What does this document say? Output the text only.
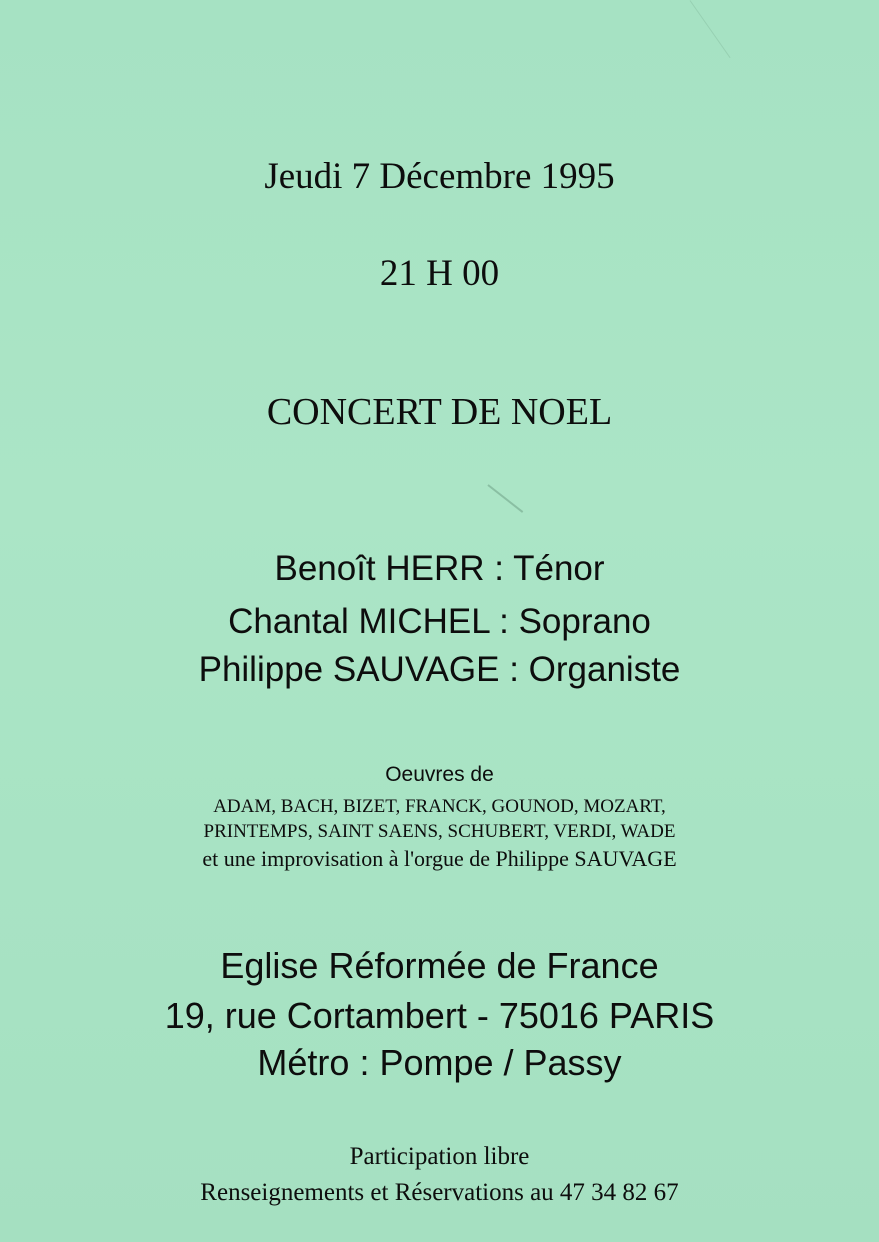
Jeudi 7 Décembre 1995
21 H 00
CONCERT DE NOEL
Benoît HERR : Ténor
Chantal MICHEL : Soprano
Philippe SAUVAGE : Organiste
Oeuvres de
ADAM, BACH, BIZET, FRANCK, GOUNOD, MOZART,
PRINTEMPS, SAINT SAENS, SCHUBERT, VERDI, WADE
et une improvisation à l'orgue de Philippe SAUVAGE
Eglise Réformée de France
19, rue Cortambert - 75016 PARIS
Métro : Pompe / Passy
Participation libre
Renseignements et Réservations au 47 34 82 67
